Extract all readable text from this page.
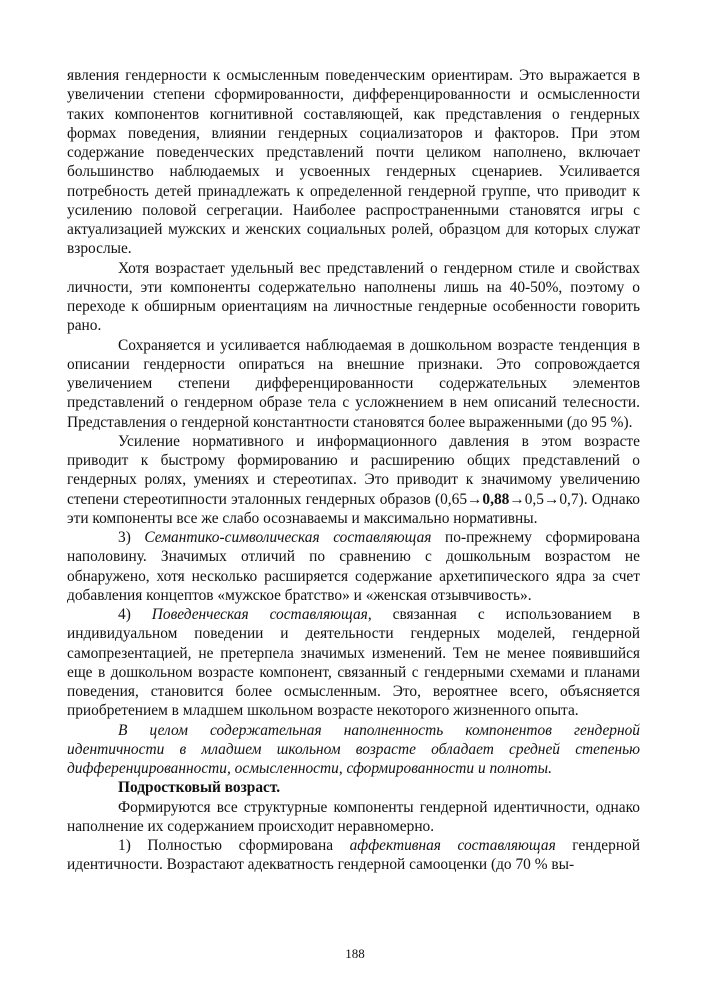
явления гендерности к осмысленным поведенческим ориентирам. Это выражается в увеличении степени сформированности, дифференцированности и осмысленности таких компонентов когнитивной составляющей, как представления о гендерных формах поведения, влиянии гендерных социализаторов и факторов. При этом содержание поведенческих представлений почти целиком наполнено, включает большинство наблюдаемых и усвоенных гендерных сценариев. Усиливается потребность детей принадлежать к определенной гендерной группе, что приводит к усилению половой сегрегации. Наиболее распространенными становятся игры с актуализацией мужских и женских социальных ролей, образцом для которых служат взрослые.

Хотя возрастает удельный вес представлений о гендерном стиле и свойствах личности, эти компоненты содержательно наполнены лишь на 40-50%, поэтому о переходе к обширным ориентациям на личностные гендерные особенности говорить рано.

Сохраняется и усиливается наблюдаемая в дошкольном возрасте тенденция в описании гендерности опираться на внешние признаки. Это сопровождается увеличением степени дифференцированности содержательных элементов представлений о гендерном образе тела с усложнением в нем описаний телесности. Представления о гендерной константности становятся более выраженными (до 95 %).

Усиление нормативного и информационного давления в этом возрасте приводит к быстрому формированию и расширению общих представлений о гендерных ролях, умениях и стереотипах. Это приводит к значимому увеличению степени стереотипности эталонных гендерных образов (0,65→0,88→0,5→0,7). Однако эти компоненты все же слабо осознаваемы и максимально нормативны.

3) Семантико-символическая составляющая по-прежнему сформирована наполовину. Значимых отличий по сравнению с дошкольным возрастом не обнаружено, хотя несколько расширяется содержание архетипического ядра за счет добавления концептов «мужское братство» и «женская отзывчивость».

4) Поведенческая составляющая, связанная с использованием в индивидуальном поведении и деятельности гендерных моделей, гендерной самопрезентацией, не претерпела значимых изменений. Тем не менее появившийся еще в дошкольном возрасте компонент, связанный с гендерными схемами и планами поведения, становится более осмысленным. Это, вероятнее всего, объясняется приобретением в младшем школьном возрасте некоторого жизненного опыта.

В целом содержательная наполненность компонентов гендерной идентичности в младшем школьном возрасте обладает средней степенью дифференцированности, осмысленности, сформированности и полноты.

Подростковый возраст.

Формируются все структурные компоненты гендерной идентичности, однако наполнение их содержанием происходит неравномерно.

1) Полностью сформирована аффективная составляющая гендерной идентичности. Возрастают адекватность гендерной самооценки (до 70 % вы-

188
